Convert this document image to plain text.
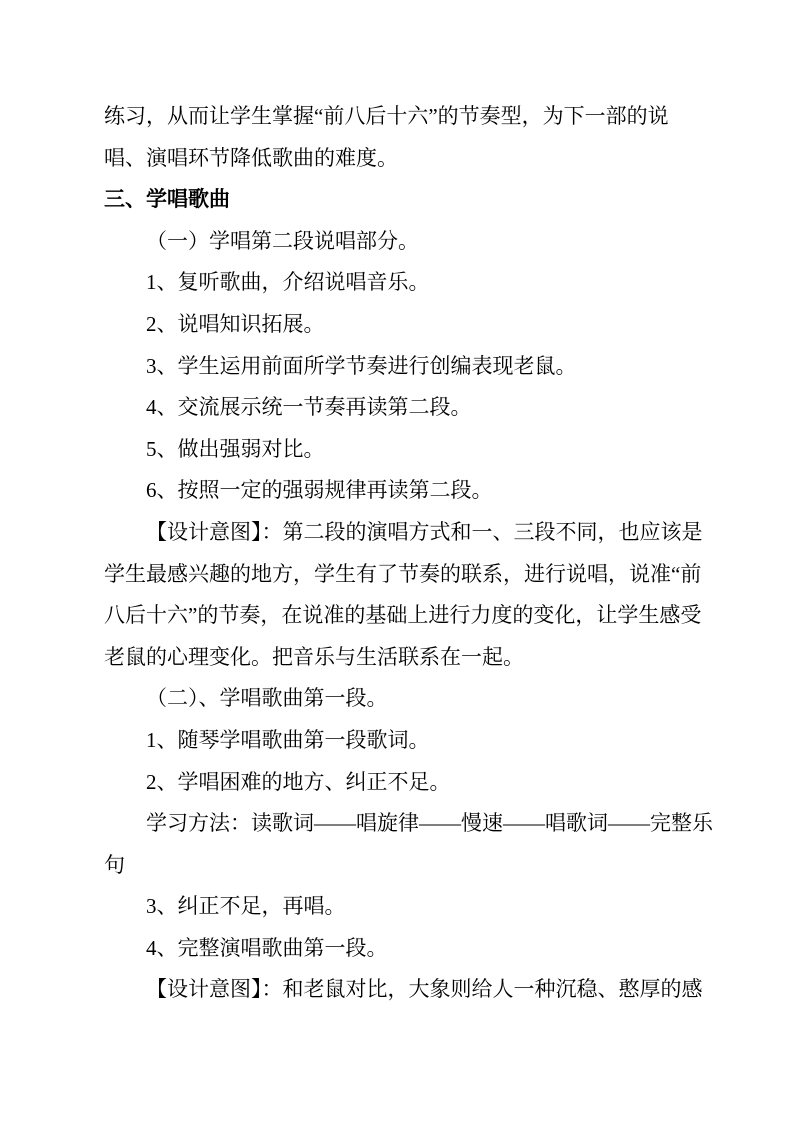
练习，从而让学生掌握“前八后十六”的节奏型，为下一部的说
唱、演唱环节降低歌曲的难度。
三、学唱歌曲
（一）学唱第二段说唱部分。
1、复听歌曲，介绍说唱音乐。
2、说唱知识拓展。
3、学生运用前面所学节奏进行创编表现老鼠。
4、交流展示统一节奏再读第二段。
5、做出强弱对比。
6、按照一定的强弱规律再读第二段。
【设计意图】：第二段的演唱方式和一、三段不同，也应该是
学生最感兴趣的地方，学生有了节奏的联系，进行说唱，说准“前
八后十六”的节奏，在说准的基础上进行力度的变化，让学生感受
老鼠的心理变化。把音乐与生活联系在一起。
（二）、学唱歌曲第一段。
1、随琴学唱歌曲第一段歌词。
2、学唱困难的地方、纠正不足。
学习方法：读歌词——唱旋律——慢速——唱歌词——完整乐
句
3、纠正不足，再唱。
4、完整演唱歌曲第一段。
【设计意图】：和老鼠对比，大象则给人一种沉稳、憨厚的感
